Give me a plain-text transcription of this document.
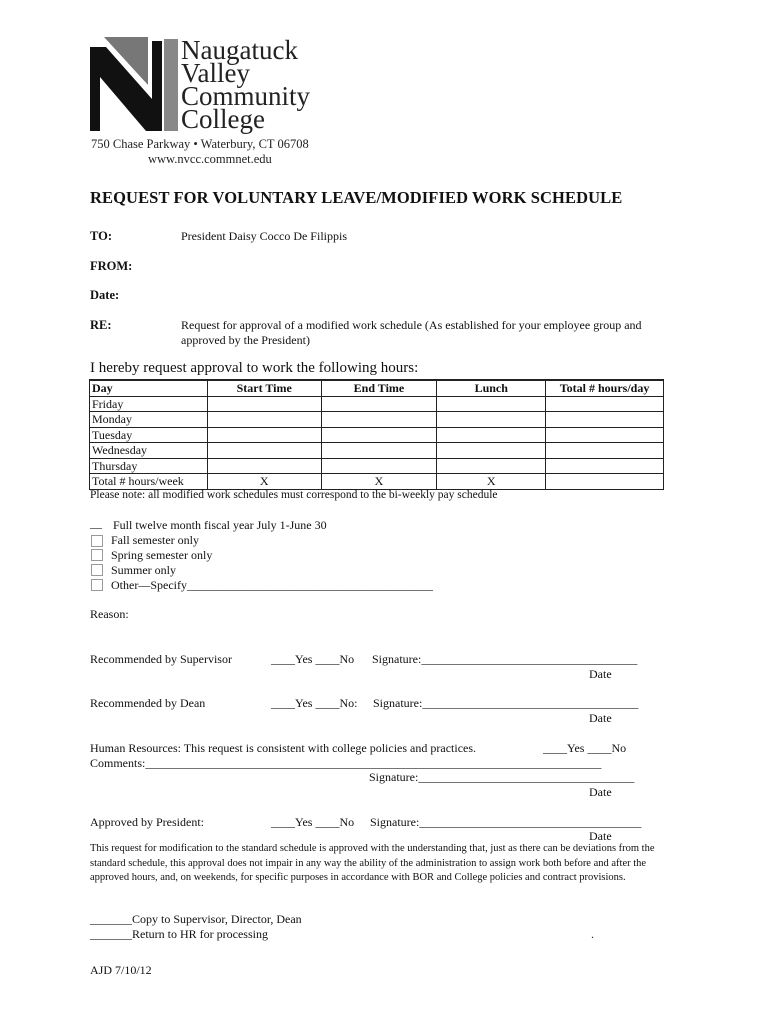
Naugatuck
Valley
Community
College
750 Chase Parkway • Waterbury, CT 06708
www.nvcc.commnet.edu
REQUEST FOR VOLUNTARY LEAVE/MODIFIED WORK SCHEDULE
TO:	President Daisy Cocco De Filippis
FROM:
Date:
RE:	Request for approval of a modified work schedule (As established for your employee group and
approved by the President)
I hereby request approval to work the following hours:
Day	Start Time	End Time	Lunch	Total # hours/day
Friday				
Monday				
Tuesday				
Wednesday				
Thursday				
Total # hours/week	X	X	X	
Please note: all modified work schedules must correspond to the bi-weekly pay schedule
__ Full twelve month fiscal year July 1-June 30
Fall semester only
Spring semester only
Summer only
Other—Specify_________________________________________
Reason:
Recommended by Supervisor	____Yes ____No Signature:____________________________________
Date
Recommended by Dean	____Yes ____No: Signature:____________________________________
Date
Human Resources: This request is consistent with college policies and practices.	____Yes ____No
Comments:____________________________________________________________________________
Signature:____________________________________
Date
Approved by President:	____Yes ____No Signature:_____________________________________
Date
This request for modification to the standard schedule is approved with the understanding that, just as there can be deviations from the standard schedule, this approval does not impair in any way the ability of the administration to assign work both before and after the approved hours, and, on weekends, for specific purposes in accordance with BOR and College policies and contract provisions.
_______Copy to Supervisor, Director, Dean
_______Return to HR for processing	.
AJD 7/10/12
